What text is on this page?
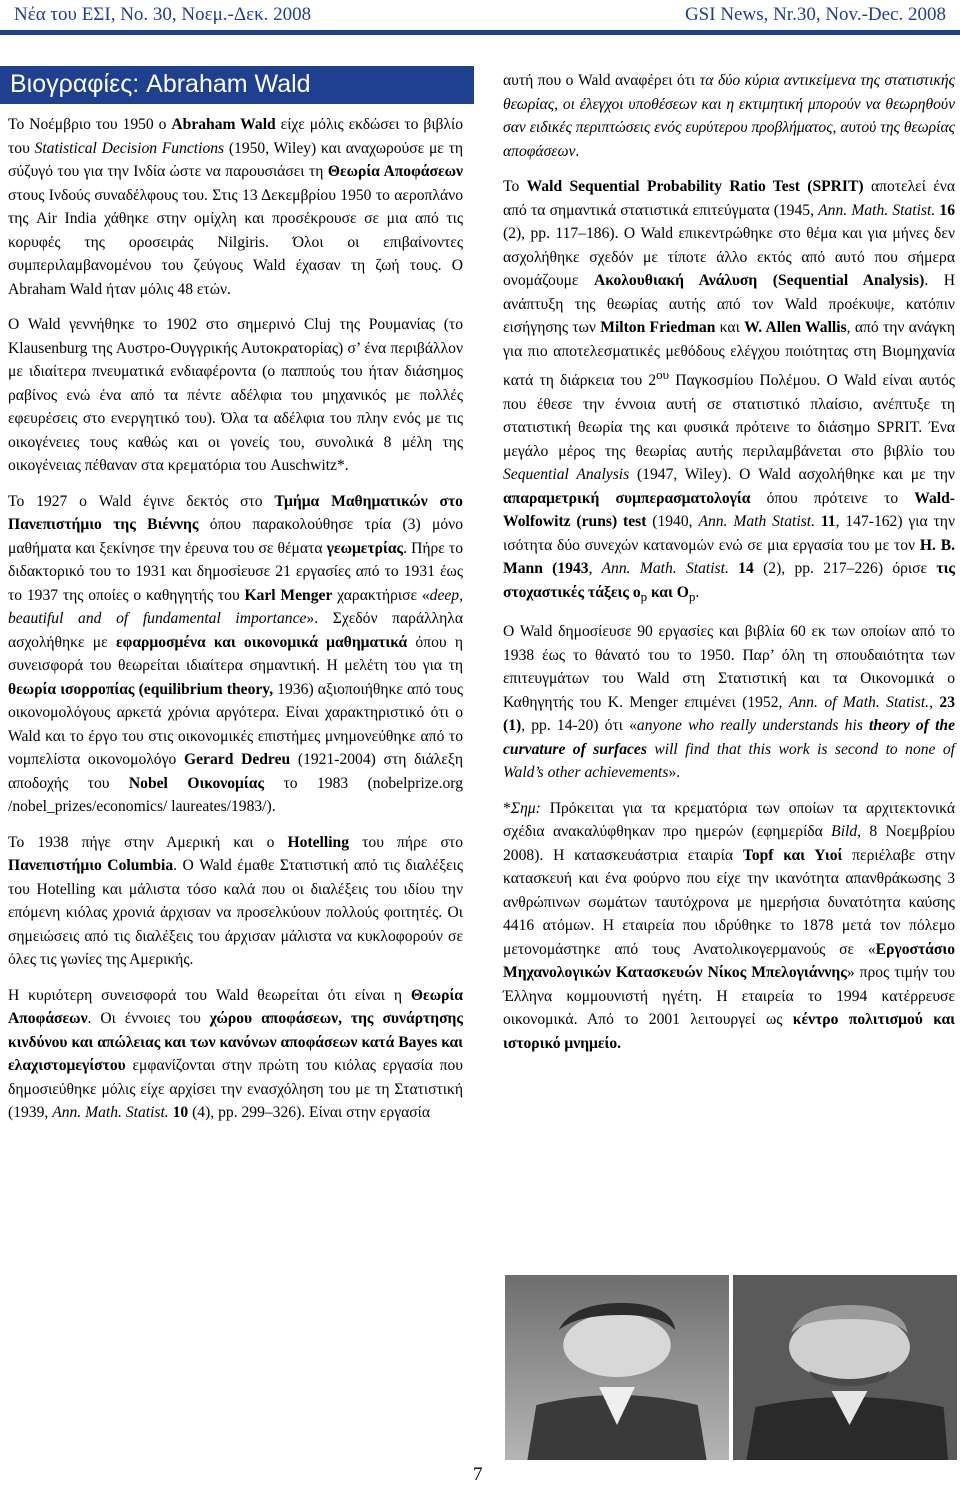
Νέα του ΕΣΙ, Νο. 30, Νοεμ.-Δεκ. 2008	GSI News, Nr.30, Nov.-Dec. 2008
Βιογραφίες: Abraham Wald

Το Νοέμβριο του 1950 ο Abraham Wald είχε μόλις εκδώσει το βιβλίο του Statistical Decision Functions (1950, Wiley) και αναχωρούσε με τη σύζυγό του για την Ινδία ώστε να παρουσιάσει τη Θεωρία Αποφάσεων στους Ινδούς συναδέλφους του. Στις 13 Δεκεμβρίου 1950 το αεροπλάνο της Air India χάθηκε στην ομίχλη και προσέκρουσε σε μια από τις κορυφές της οροσειράς Nilgiris. Όλοι οι επιβαίνοντες συμπεριλαμβανομένου του ζεύγους Wald έχασαν τη ζωή τους. Ο Abraham Wald ήταν μόλις 48 ετών.

Ο Wald γεννήθηκε το 1902 στο σημερινό Cluj της Ρουμανίας (το Klausenburg της Αυστρο-Ουγγρικής Αυτοκρατορίας) σ’ ένα περιβάλλον με ιδιαίτερα πνευματικά ενδιαφέροντα (ο παππούς του ήταν διάσημος ραβίνος ενώ ένα από τα πέντε αδέλφια του μηχανικός με πολλές εφευρέσεις στο ενεργητικό του). Όλα τα αδέλφια του πλην ενός με τις οικογένειες τους καθώς και οι γονείς του, συνολικά 8 μέλη της οικογένειας πέθαναν στα κρεματόρια του Auschwitz*.

Το 1927 ο Wald έγινε δεκτός στο Τμήμα Μαθηματικών στο Πανεπιστήμιο της Βιέννης όπου παρακολούθησε τρία (3) μόνο μαθήματα και ξεκίνησε την έρευνα του σε θέματα γεωμετρίας. Πήρε το διδακτορικό του το 1931 και δημοσίευσε 21 εργασίες από το 1931 έως το 1937 της οποίες ο καθηγητής του Karl Menger χαρακτήρισε «deep, beautiful and of fundamental importance». Σχεδόν παράλληλα ασχολήθηκε με εφαρμοσμένα και οικονομικά μαθηματικά όπου η συνεισφορά του θεωρείται ιδιαίτερα σημαντική. Η μελέτη του για τη θεωρία ισορροπίας (equilibrium theory, 1936) αξιοποιήθηκε από τους οικονομολόγους αρκετά χρόνια αργότερα. Είναι χαρακτηριστικό ότι ο Wald και το έργο του στις οικονομικές επιστήμες μνημονεύθηκε από το νομπελίστα οικονομολόγο Gerard Dedreu (1921-2004) στη διάλεξη αποδοχής του Nobel Οικονομίας το 1983 (nobelprize.org /nobel_prizes/economics/ laureates/1983/).

Το 1938 πήγε στην Αμερική και ο Hotelling του πήρε στο Πανεπιστήμιο Columbia. Ο Wald έμαθε Στατιστική από τις διαλέξεις του Hotelling και μάλιστα τόσο καλά που οι διαλέξεις του ιδίου την επόμενη κιόλας χρονιά άρχισαν να προσελκύουν πολλούς φοιτητές. Οι σημειώσεις από τις διαλέξεις του άρχισαν μάλιστα να κυκλοφορούν σε όλες τις γωνίες της Αμερικής.

Η κυριότερη συνεισφορά του Wald θεωρείται ότι είναι η Θεωρία Αποφάσεων. Οι έννοιες του χώρου αποφάσεων, της συνάρτησης κινδύνου και απώλειας και των κανόνων αποφάσεων κατά Bayes και ελαχιστομεγίστου εμφανίζονται στην πρώτη του κιόλας εργασία που δημοσιεύθηκε μόλις είχε αρχίσει την ενασχόληση του με τη Στατιστική (1939, Ann. Math. Statist. 10 (4), pp. 299–326). Είναι στην εργασία

αυτή που ο Wald αναφέρει ότι τα δύο κύρια αντικείμενα της στατιστικής θεωρίας, οι έλεγχοι υποθέσεων και η εκτιμητική μπορούν να θεωρηθούν σαν ειδικές περιπτώσεις ενός ευρύτερου προβλήματος, αυτού της θεωρίας αποφάσεων.

Το Wald Sequential Probability Ratio Test (SPRIT) αποτελεί ένα από τα σημαντικά στατιστικά επιτεύγματα (1945, Ann. Math. Statist. 16 (2), pp. 117–186). Ο Wald επικεντρώθηκε στο θέμα και για μήνες δεν ασχολήθηκε σχεδόν με τίποτε άλλο εκτός από αυτό που σήμερα ονομάζουμε Ακολουθιακή Ανάλυση (Sequential Analysis). Η ανάπτυξη της θεωρίας αυτής από τον Wald προέκυψε, κατόπιν εισήγησης των Milton Friedman και W. Allen Wallis, από την ανάγκη για πιο αποτελεσματικές μεθόδους ελέγχου ποιότητας στη Βιομηχανία κατά τη διάρκεια του $2^{o\upsilon}$ Παγκοσμίου Πολέμου. Ο Wald είναι αυτός που έθεσε την έννοια αυτή σε στατιστικό πλαίσιο, ανέπτυξε τη στατιστική θεωρία της και φυσικά πρότεινε το διάσημο SPRIT. Ένα μεγάλο μέρος της θεωρίας αυτής περιλαμβάνεται στο βιβλίο του Sequential Analysis (1947, Wiley). Ο Wald ασχολήθηκε και με την απαραμετρική συμπερασματολογία όπου πρότεινε το Wald-Wolfowitz (runs) test (1940, Ann. Math Statist. 11, 147-162) για την ισότητα δύο συνεχών κατανομών ενώ σε μια εργασία του με τον H. B. Mann (1943, Ann. Math. Statist. 14 (2), pp. 217–226) όρισε τις στοχαστικές τάξεις $o_p$ και $O_p$.

Ο Wald δημοσίευσε 90 εργασίες και βιβλία 60 εκ των οποίων από το 1938 έως το θάνατό του το 1950. Παρ’ όλη τη σπουδαιότητα των επιτευγμάτων του Wald στη Στατιστική και τα Οικονομικά ο Καθηγητής του K. Menger επιμένει (1952, Ann. of Math. Statist., 23 (1), pp. 14-20) ότι «anyone who really understands his theory of the curvature of surfaces will find that this work is second to none of Wald’s other achievements».

*Σημ: Πρόκειται για τα κρεματόρια των οποίων τα αρχιτεκτονικά σχέδια ανακαλύφθηκαν προ ημερών (εφημερίδα Bild, 8 Νοεμβρίου 2008). Η κατασκευάστρια εταιρία Topf και Υιοί περιέλαβε στην κατασκευή και ένα φούρνο που είχε την ικανότητα απανθράκωσης 3 ανθρώπινων σωμάτων ταυτόχρονα με ημερήσια δυνατότητα καύσης 4416 ατόμων. Η εταιρεία που ιδρύθηκε το 1878 μετά τον πόλεμο μετονομάστηκε από τους Ανατολικογερμανούς σε «Εργοστάσιο Μηχανολογικών Κατασκευών Νίκος Μπελογιάννης» προς τιμήν του Έλληνα κομμουνιστή ηγέτη. Η εταιρεία το 1994 κατέρρευσε οικονομικά. Από το 2001 λειτουργεί ως κέντρο πολιτισμού και ιστορικό μνημείο.

7
